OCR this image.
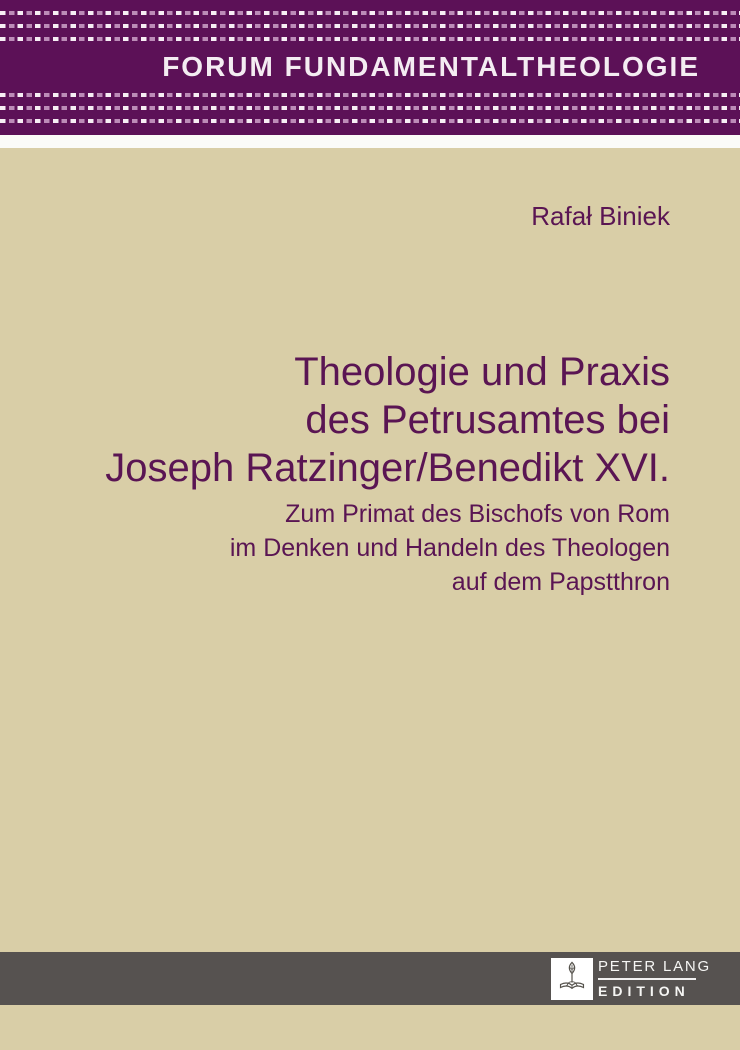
FORUM FUNDAMENTALTHEOLOGIE
Rafał Biniek
Theologie und Praxis
des Petrusamtes bei
Joseph Ratzinger/Benedikt XVI.
Zum Primat des Bischofs von Rom
im Denken und Handeln des Theologen
auf dem Papstthron
PETER LANG
EDITION
